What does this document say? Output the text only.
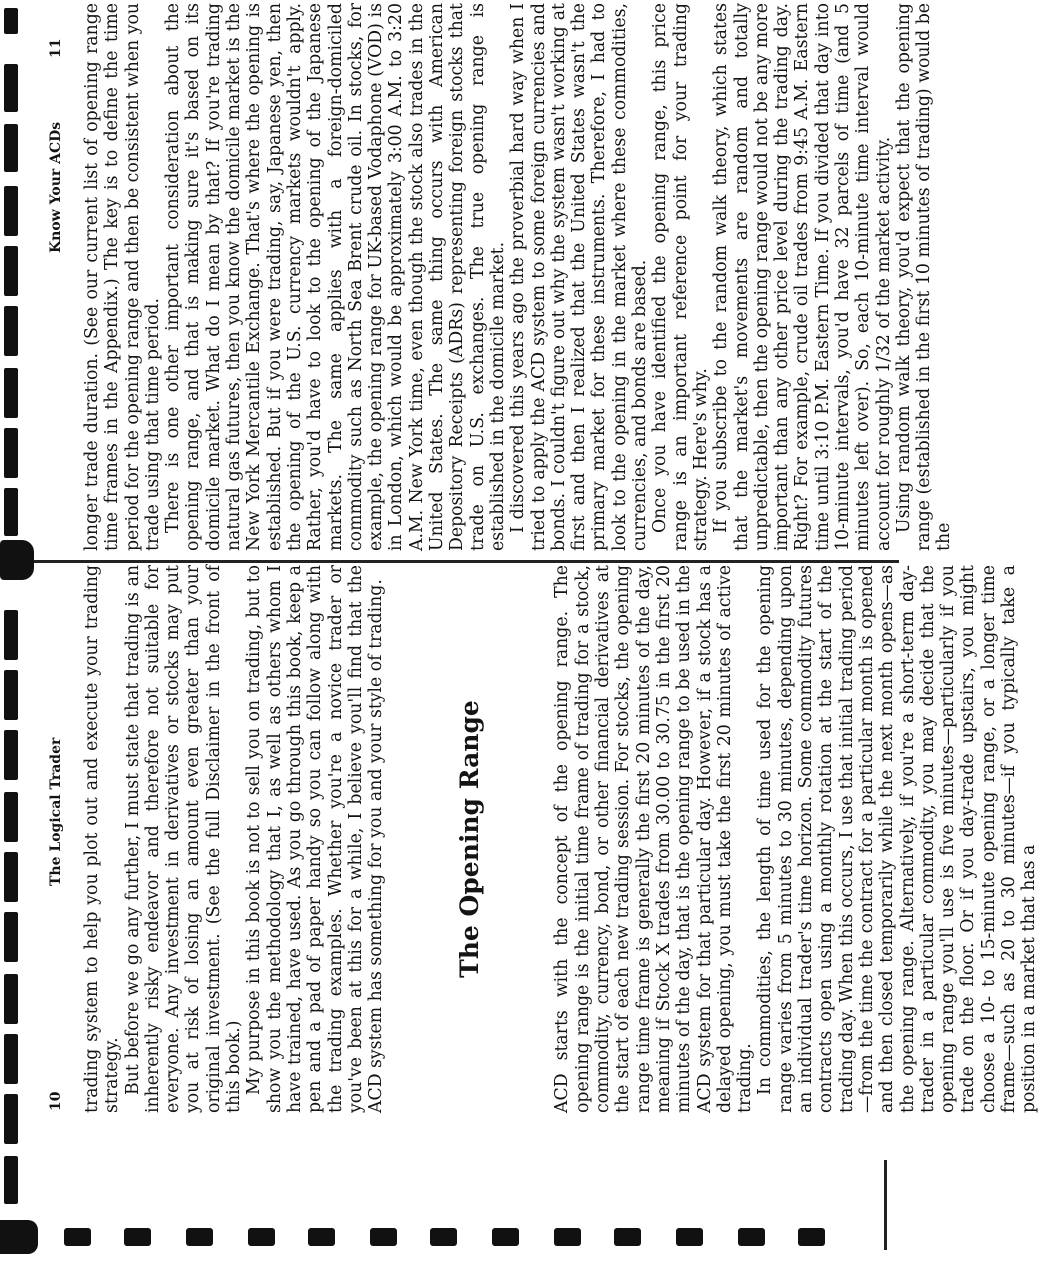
10
The Logical Trader trading system to help you plot out and execute your trading strategy. But before we go any further, I must state that trading is an inherently risky endeavor and therefore not suitable for everyone. Any investment in derivatives or stocks may put you at risk of losing an amount even greater than your original investment. (See the full Disclaimer in the front of this book.) My purpose in this book is not to sell you on trading, but to show you the methodology that I, as well as others whom I have trained, have used. As you go through this book, keep a pen and a pad of paper handy so you can follow along with the trading examples. Whether you're a novice trader or you've been at this for a while, I believe you'll find that the ACD system has something for you and your style of trading.	The Opening Range	ACD starts with the concept of the opening range. The opening range is the initial time frame of trading for a stock, commodity, currency, bond, or other financial derivatives at the start of each new trading session. For stocks, the opening range time frame is generally the first 20 minutes of the day, meaning if Stock X trades from 30.00 to 30.75 in the first 20 minutes of the day, that is the opening range to be used in the ACD system for that particular day. However, if a stock has a delayed opening, you must take the first 20 minutes of active trading. In commodities, the length of time used for the opening range varies from 5 minutes to 30 minutes, depending upon an individual trader's time horizon. Some commodity futures contracts open using a monthly rotation at the start of the trading day. When this occurs, I use that initial trading period—from the time the contract for a particular month is opened and then closed temporarily while the next month opens—as the opening range. Alternatively, if you're a short-term day-trader in a particular commodity, you may decide that the opening range you'll use is five minutes—particularly if you trade on the floor. Or if you day-trade upstairs, you might choose a 10- to 15-minute opening range, or a longer time frame—such as 20 to 30 minutes—if you typically take a position in a market that has a

Know Your ACDs
11 longer trade duration. (See our current list of opening range time frames in the Appendix.) The key is to define the time period for the opening range and then be consistent when you trade using that time period. There is one other important consideration about the opening range, and that is making sure it's based on its domicile market. What do I mean by that? If you're trading natural gas futures, then you know the domicile market is the New York Mercantile Exchange. That's where the opening is established. But if you were trading, say, Japanese yen, then the opening of the U.S. currency markets wouldn't apply. Rather, you'd have to look to the opening of the Japanese markets. The same applies with a foreign-domiciled commodity such as North Sea Brent crude oil. In stocks, for example, the opening range for UK-based Vodaphone (VOD) is in London, which would be approximately 3:00 A.M. to 3:20 A.M. New York time, even though the stock also trades in the United States. The same thing occurs with American Depository Receipts (ADRs) representing foreign stocks that trade on U.S. exchanges. The true opening range is established in the domicile market. I discovered this years ago the proverbial hard way when I tried to apply the ACD system to some foreign currencies and bonds. I couldn't figure out why the system wasn't working at first and then I realized that the United States wasn't the primary market for these instruments. Therefore, I had to look to the opening in the market where these commodities, currencies, and bonds are based. Once you have identified the opening range, this price range is an important reference point for your trading strategy. Here's why. If you subscribe to the random walk theory, which states that the market's movements are random and totally unpredictable, then the opening range would not be any more important than any other price level during the trading day. Right? For example, crude oil trades from 9:45 A.M. Eastern time until 3:10 P.M. Eastern Time. If you divided that day into 10-minute intervals, you'd have 32 parcels of time (and 5 minutes left over). So, each 10-minute time interval would account for roughly 1/32 of the market activity. Using random walk theory, you'd expect that the opening range (established in the first 10 minutes of trading) would be the
